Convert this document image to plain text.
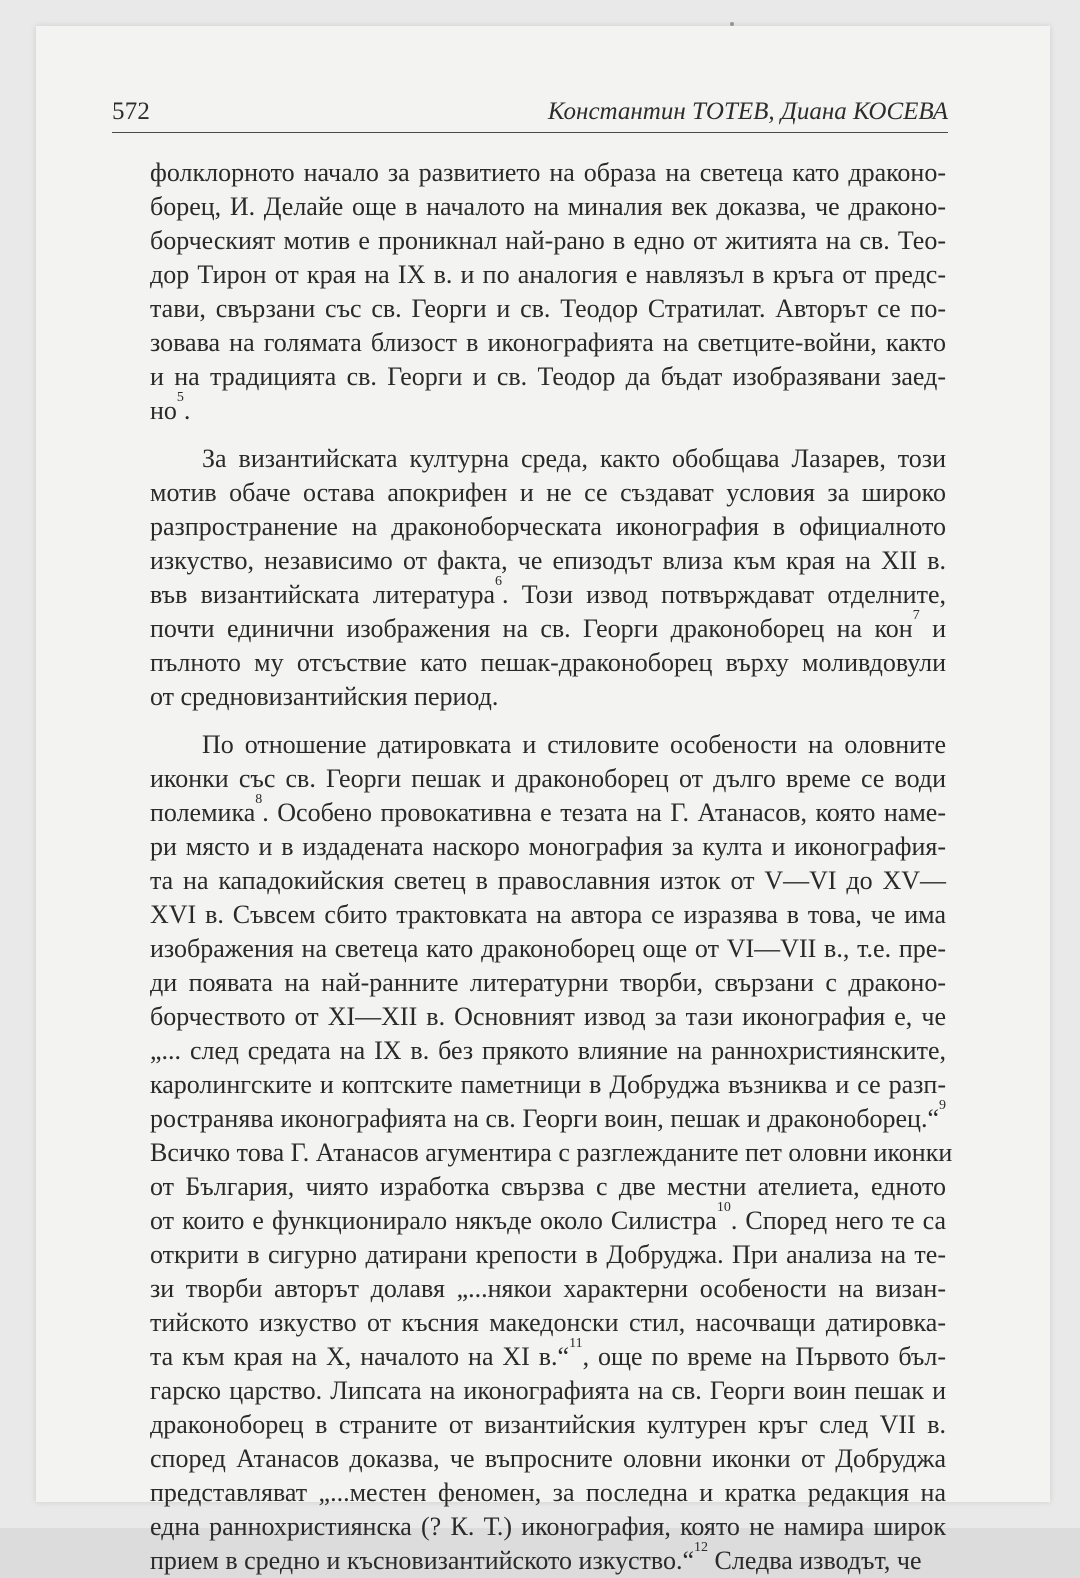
572	Константин ТОТЕВ, Диана КОСЕВА
фолклорното начало за развитието на образа на светеца като драконо-
борец, И. Делайе още в началото на миналия век доказва, че драконо-
борческият мотив е проникнал най-рано в едно от житията на св. Тео-
дор Тирон от края на IX в. и по аналогия е навлязъл в кръга от предс-
тави, свързани със св. Георги и св. Теодор Стратилат. Авторът се по-
зовава на голямата близост в иконографията на светците-войни, както
и на традицията св. Георги и св. Теодор да бъдат изобразявани заед-
$но^5$.
За византийската културна среда, както обобщава Лазарев, този
мотив обаче остава апокрифен и не се създават условия за широко
разпространение на драконоборческата иконография в официалното
изкуство, независимо от факта, че епизодът влиза към края на XII в.
във византийската литература$^6$. Този извод потвърждават отделните,
почти единични изображения на св. Георги драконоборец на кон$^7$ и
пълното му отсъствие като пешак-драконоборец върху моливдовули
от средновизантийския период.
По отношение датировката и стиловите особености на оловните
иконки със св. Георги пешак и драконоборец от дълго време се води
полемика$^8$. Особено провокативна е тезата на Г. Атанасов, която наме-
ри място и в издадената наскоро монография за култа и иконография-
та на кападокийския светец в православния изток от V—VI до XV—
XVI в. Съвсем сбито трактовката на автора се изразява в това, че има
изображения на светеца като драконоборец още от VI—VII в., т.е. пре-
ди появата на най-ранните литературни творби, свързани с драконо-
борчеството от XI—XII в. Основният извод за тази иконография е, че
„... след средата на IX в. без прякото влияние на раннохристиянските,
каролингските и коптските паметници в Добруджа възниква и се разп-
ространява иконографията на св. Георги воин, пешак и драконоборец.“$^9$
Всичко това Г. Атанасов агументира с разглежданите пет оловни иконки
от България, чиято изработка свързва с две местни ателиета, едното
от които е функционирало някъде около Силистра$^{10}$. Според него те са
открити в сигурно датирани крепости в Добруджа. При анализа на те-
зи творби авторът долавя „...някои характерни особености на визан-
тийското изкуство от късния македонски стил, насочващи датировка-
та към края на X, началото на XI в.“$^{11}$, още по време на Първото бъл-
гарско царство. Липсата на иконографията на св. Георги воин пешак и
драконоборец в страните от византийския културен кръг след VII в.
според Атанасов доказва, че въпросните оловни иконки от Добруджа
представляват „...местен феномен, за последна и кратка редакция на
една раннохристиянска (? К. Т.) иконография, която не намира широк
прием в средно и късновизантийското изкуство.“$^{12}$ Следва изводът, че
